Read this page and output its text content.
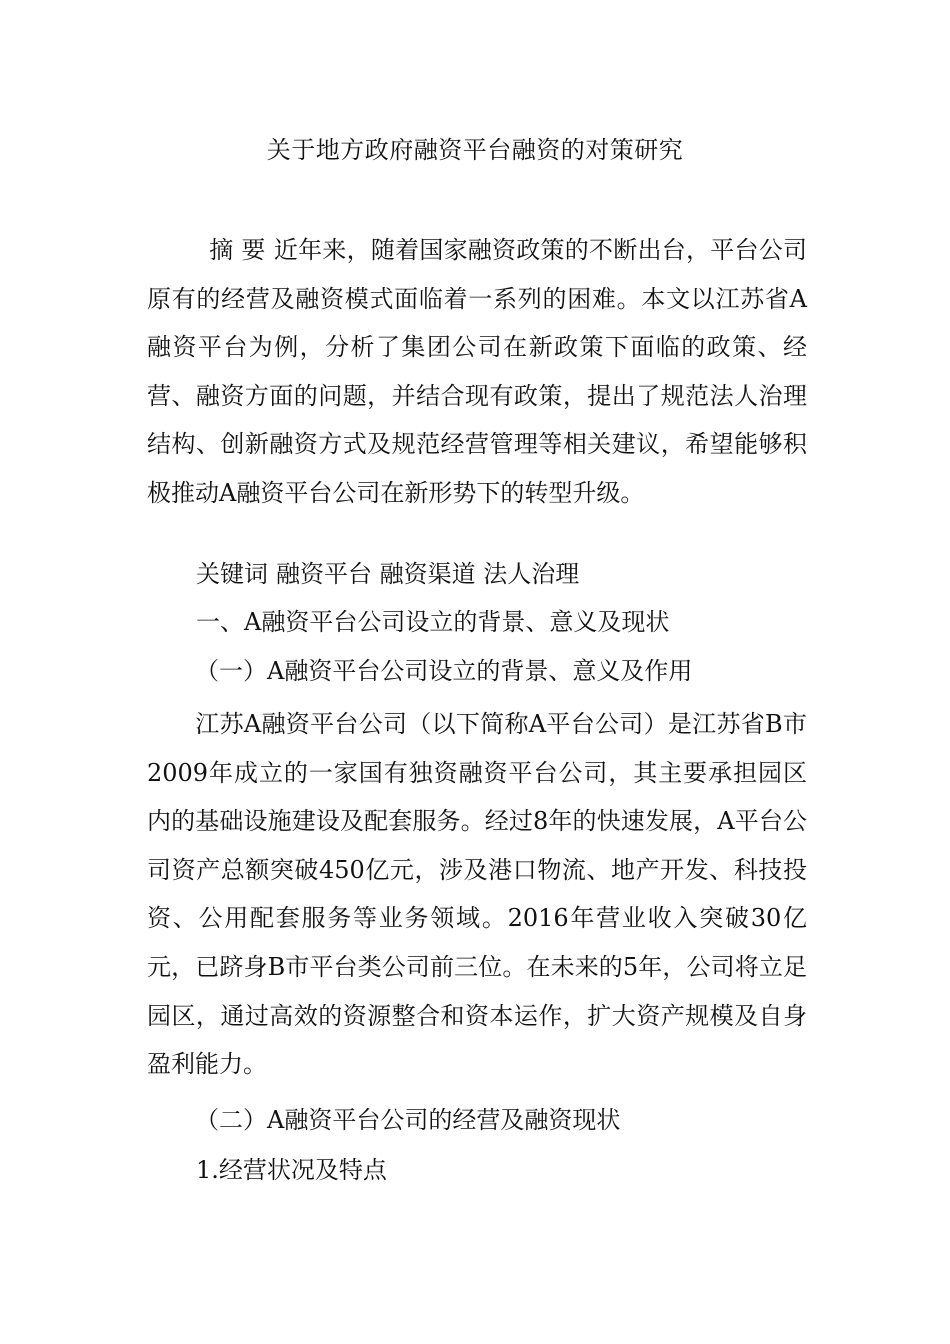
关于地方政府融资平台融资的对策研究
摘 要 近年来，随着国家融资政策的不断出台，平台公司原有的经营及融资模式面临着一系列的困难。本文以江苏省A融资平台为例，分析了集团公司在新政策下面临的政策、经营、融资方面的问题，并结合现有政策，提出了规范法人治理结构、创新融资方式及规范经营管理等相关建议，希望能够积极推动A融资平台公司在新形势下的转型升级。
关键词 融资平台 融资渠道 法人治理
一、A融资平台公司设立的背景、意义及现状
（一）A融资平台公司设立的背景、意义及作用
江苏A融资平台公司（以下简称A平台公司）是江苏省B市2009年成立的一家国有独资融资平台公司，其主要承担园区内的基础设施建设及配套服务。经过8年的快速发展，A平台公司资产总额突破450亿元，涉及港口物流、地产开发、科技投资、公用配套服务等业务领域。2016年营业收入突破30亿元，已跻身B市平台类公司前三位。在未来的5年，公司将立足园区，通过高效的资源整合和资本运作，扩大资产规模及自身盈利能力。
（二）A融资平台公司的经营及融资现状
1.经营状况及特点
